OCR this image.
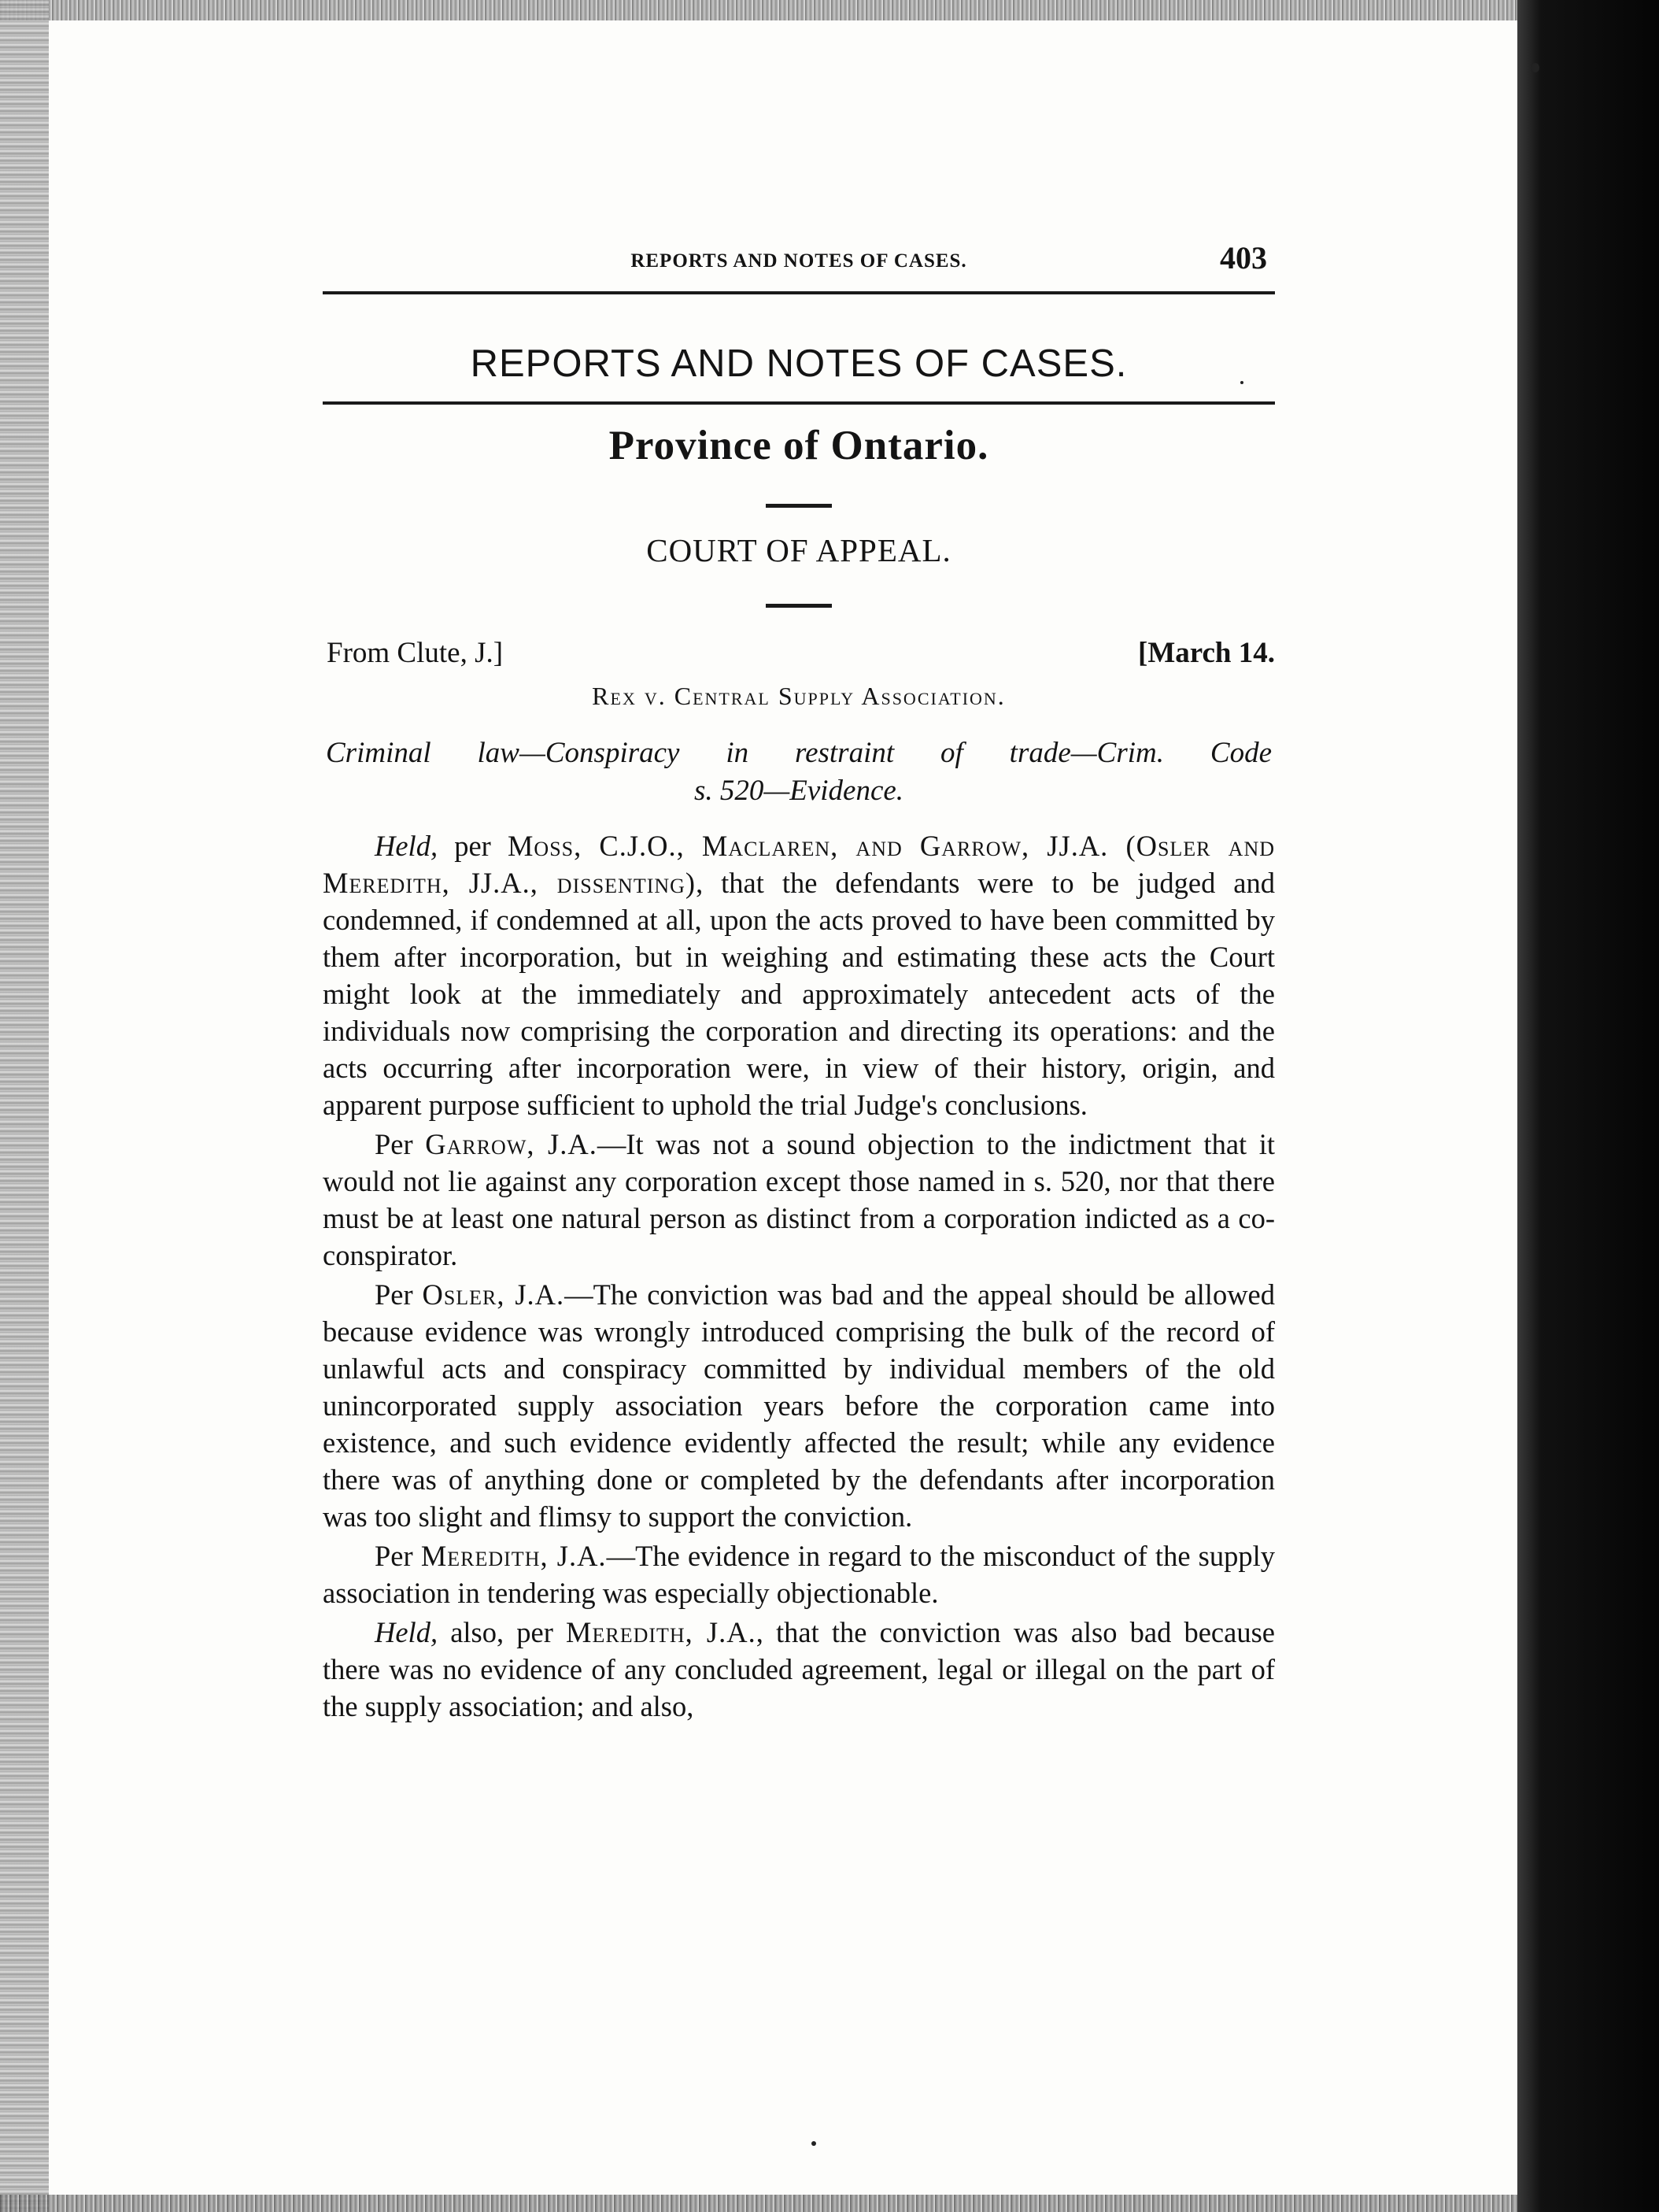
REPORTS AND NOTES OF CASES.	403
REPORTS AND NOTES OF CASES.
Province of Ontario.
COURT OF APPEAL.
From Clute, J.]	[March 14.
Rex v. Central Supply Association.
Criminal law—Conspiracy in restraint of trade—Crim. Code
s. 520—Evidence.

Held, per Moss, C.J.O., Maclaren, and Garrow, JJ.A. (Osler and Meredith, JJ.A., dissenting), that the defendants were to be judged and condemned, if condemned at all, upon the acts proved to have been committed by them after incorporation, but in weighing and estimating these acts the Court might look at the immediately and approximately antecedent acts of the individuals now comprising the corporation and directing its operations: and the acts occurring after incorporation were, in view of their history, origin, and apparent purpose sufficient to uphold the trial Judge's conclusions.

Per Garrow, J.A.—It was not a sound objection to the indictment that it would not lie against any corporation except those named in s. 520, nor that there must be at least one natural person as distinct from a corporation indicted as a co-conspirator.

Per Osler, J.A.—The conviction was bad and the appeal should be allowed because evidence was wrongly introduced comprising the bulk of the record of unlawful acts and conspiracy committed by individual members of the old unincorporated supply association years before the corporation came into existence, and such evidence evidently affected the result; while any evidence there was of anything done or completed by the defendants after incorporation was too slight and flimsy to support the conviction.

Per Meredith, J.A.—The evidence in regard to the misconduct of the supply association in tendering was especially objectionable.

Held, also, per Meredith, J.A., that the conviction was also bad because there was no evidence of any concluded agreement, legal or illegal on the part of the supply association; and also,
